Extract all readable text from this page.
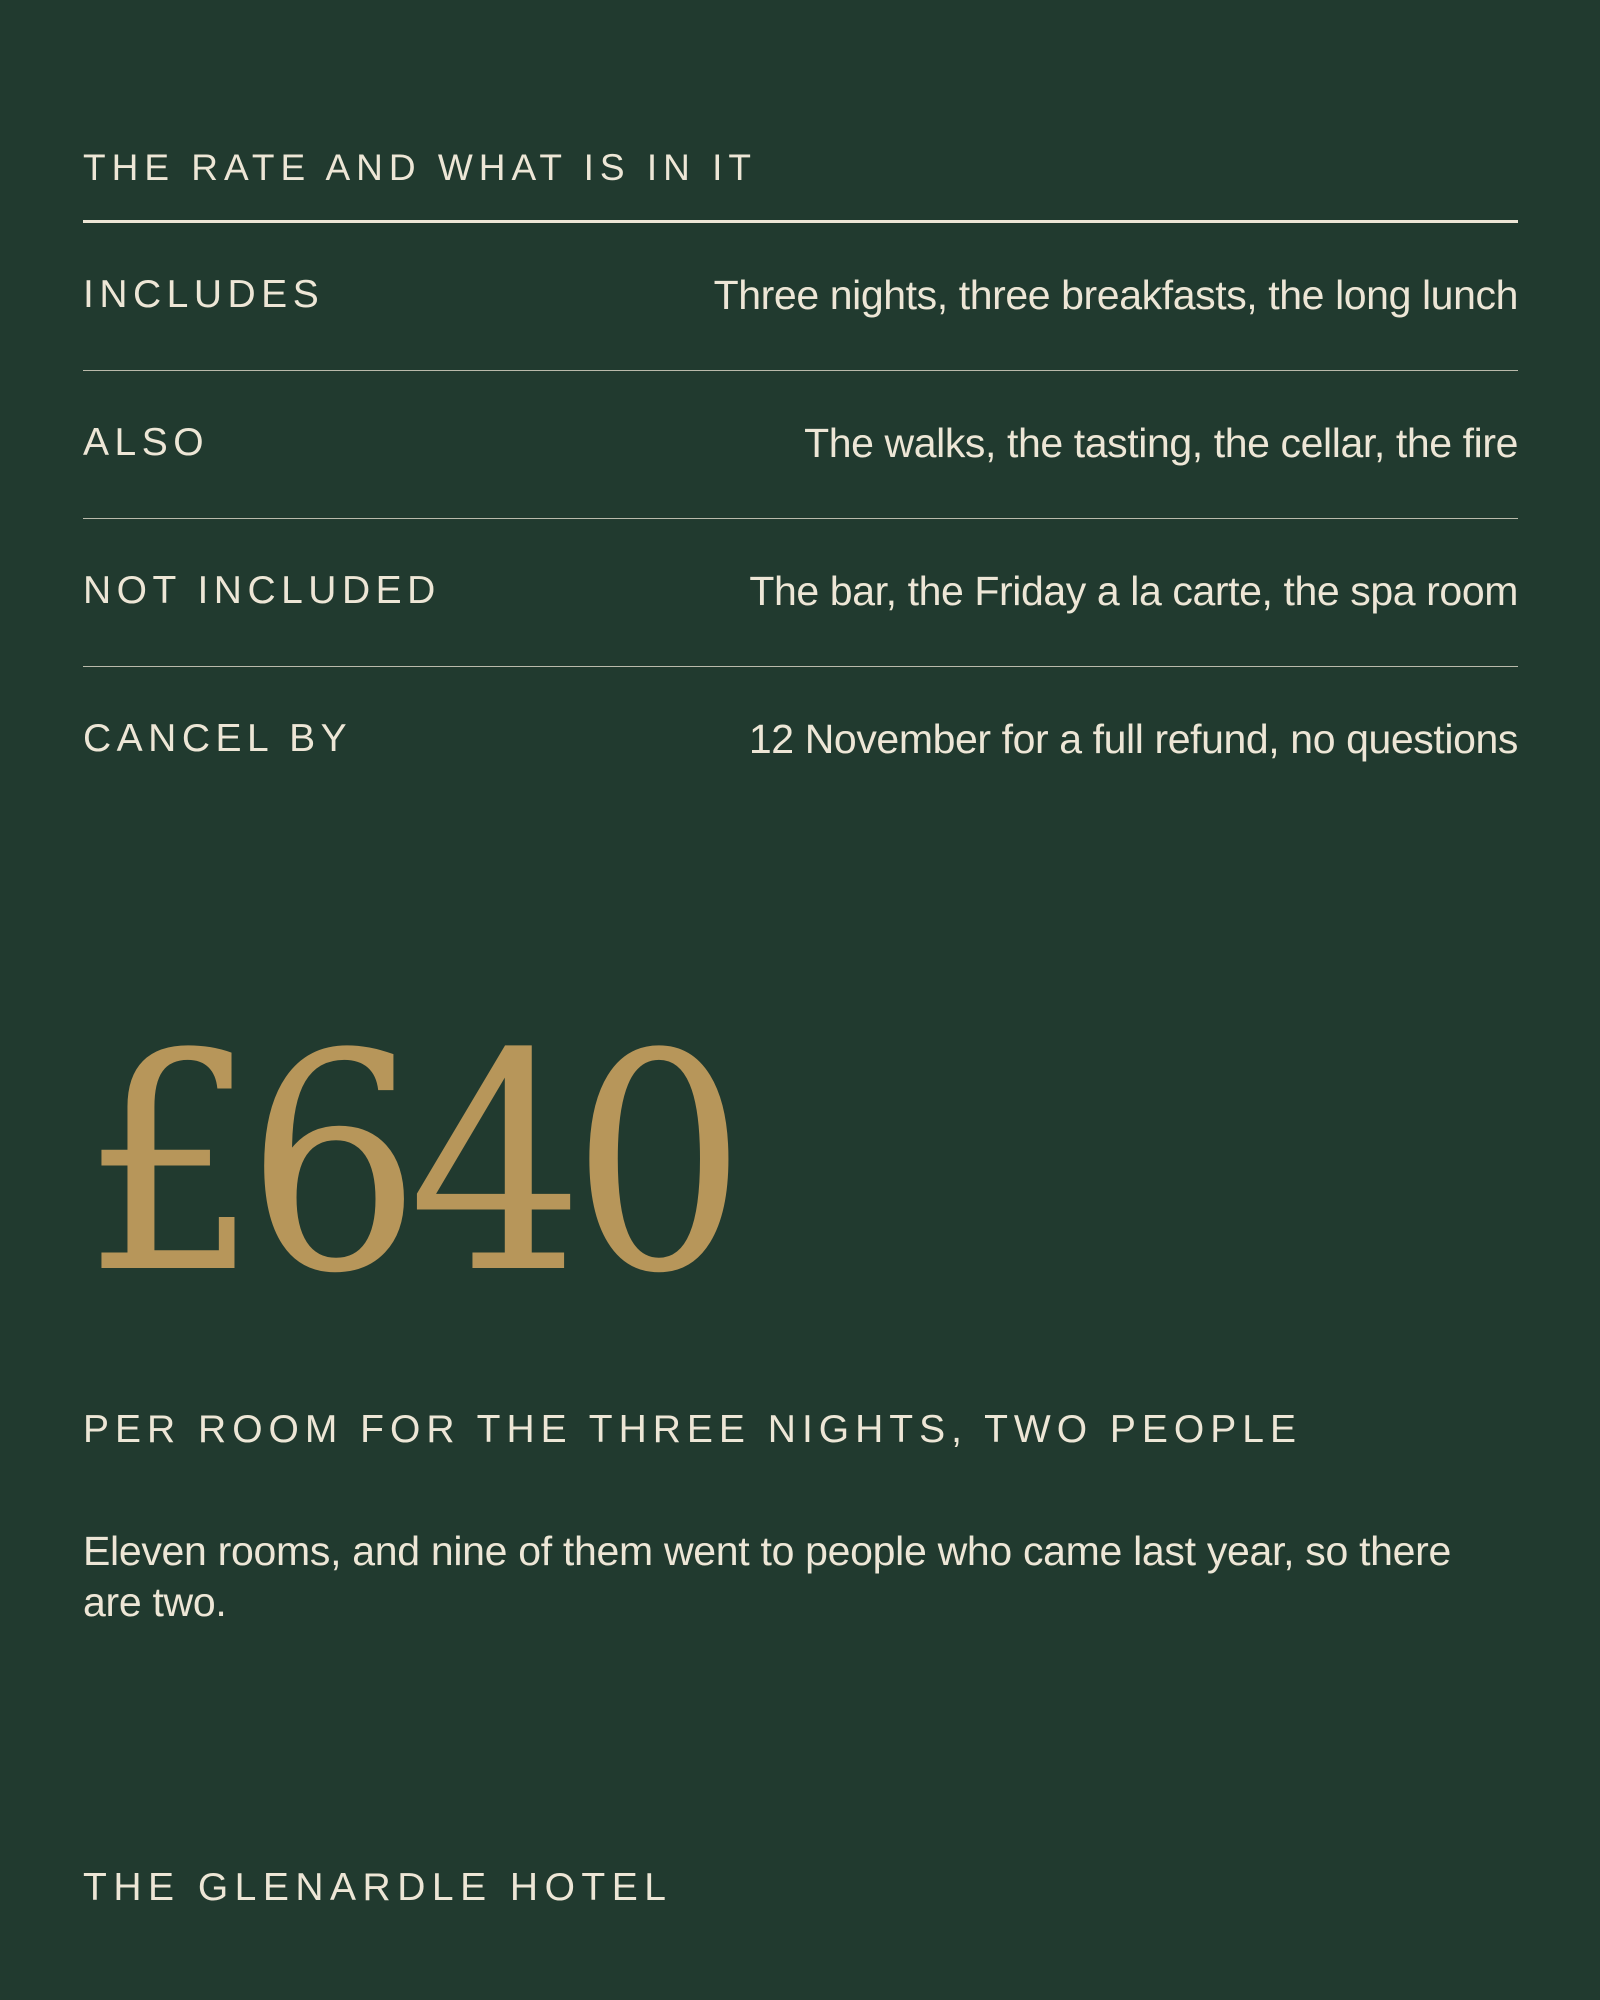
THE RATE AND WHAT IS IN IT
INCLUDES	Three nights, three breakfasts, the long lunch
ALSO	The walks, the tasting, the cellar, the fire
NOT INCLUDED	The bar, the Friday a la carte, the spa room
CANCEL BY	12 November for a full refund, no questions
£640
PER ROOM FOR THE THREE NIGHTS, TWO PEOPLE

Eleven rooms, and nine of them went to people who came last year, so there are two.

THE GLENARDLE HOTEL
